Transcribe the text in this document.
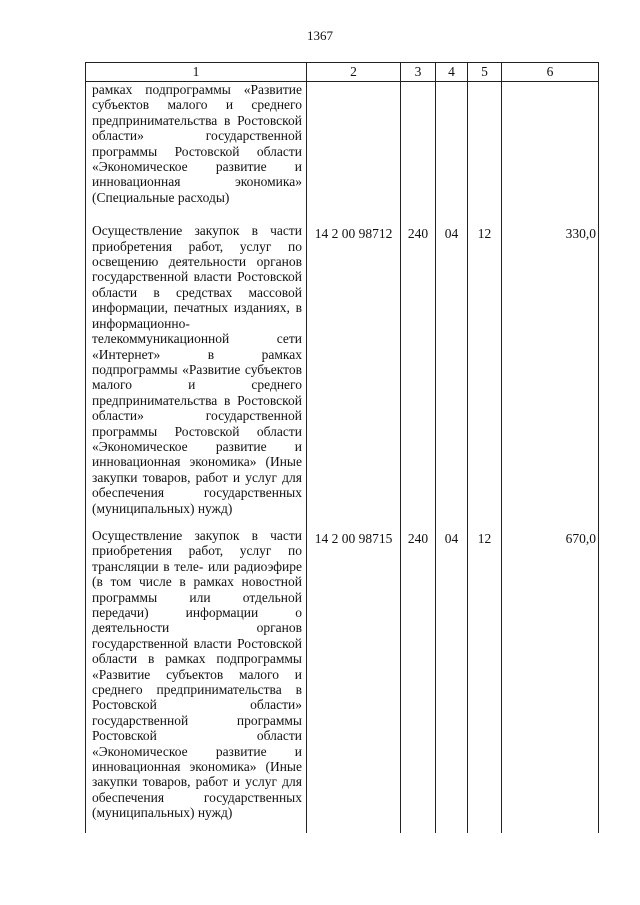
1367
1	2	3	4	5	6
рамках подпрограммы «Развитие субъектов малого и среднего предпринимательства в Ростовской области» государственной программы Ростовской области «Экономическое развитие и инновационная экономика» (Специальные расходы)					
Осуществление закупок в части приобретения работ, услуг по освещению деятельности органов государственной власти Ростовской области в средствах массовой информации, печатных изданиях, в информационно-телекоммуникационной сети «Интернет» в рамках подпрограммы «Развитие субъектов малого и среднего предпринимательства в Ростовской области» государственной программы Ростовской области «Экономическое развитие и инновационная экономика» (Иные закупки товаров, работ и услуг для обеспечения государственных (муниципальных) нужд)	14 2 00 98712	240	04	12	330,0
Осуществление закупок в части приобретения работ, услуг по трансляции в теле- или радиоэфире (в том числе в рамках новостной программы или отдельной передачи) информации о деятельности органов государственной власти Ростовской области в рамках подпрограммы «Развитие субъектов малого и среднего предпринимательства в Ростовской области» государственной программы Ростовской области «Экономическое развитие и инновационная экономика» (Иные закупки товаров, работ и услуг для обеспечения государственных (муниципальных) нужд)	14 2 00 98715	240	04	12	670,0
